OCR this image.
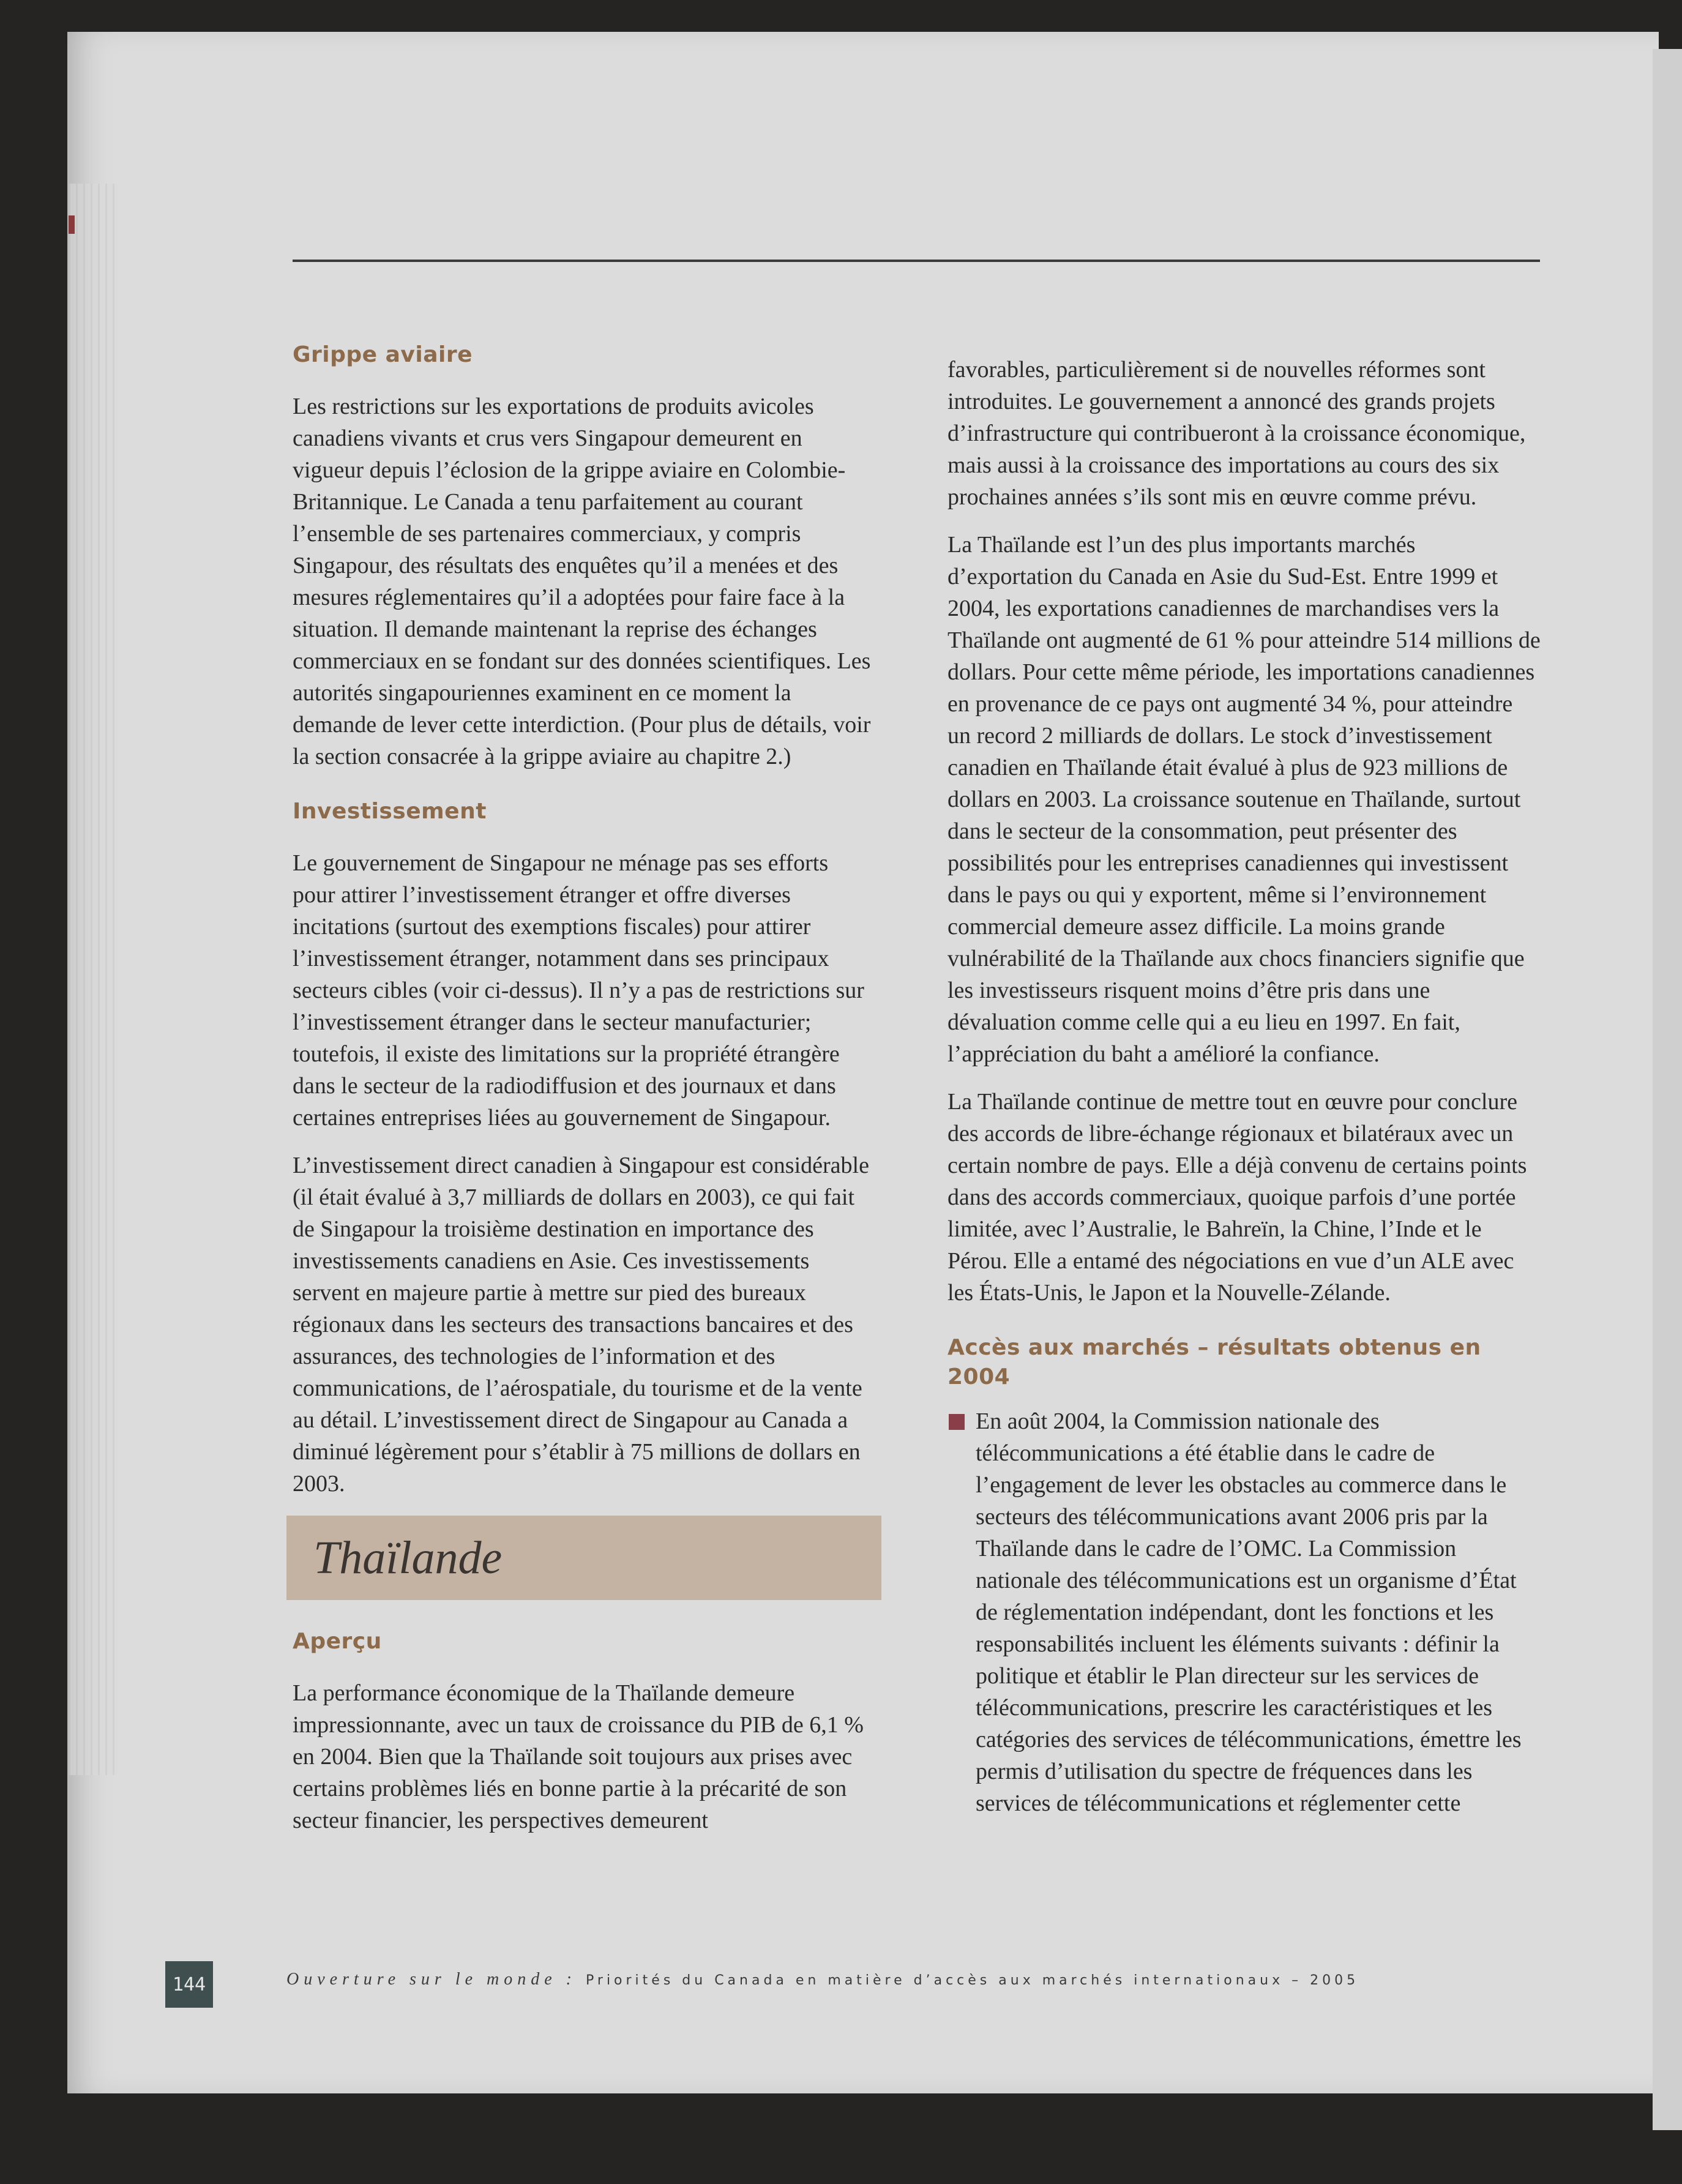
Grippe aviaire

Les restrictions sur les exportations de produits avicoles canadiens vivants et crus vers Singapour demeurent en vigueur depuis l’éclosion de la grippe aviaire en Colombie-Britannique. Le Canada a tenu parfaitement au courant l’ensemble de ses partenaires commerciaux, y compris Singapour, des résultats des enquêtes qu’il a menées et des mesures réglementaires qu’il a adoptées pour faire face à la situation. Il demande maintenant la reprise des échanges commerciaux en se fondant sur des données scientifiques. Les autorités singapouriennes examinent en ce moment la demande de lever cette interdiction. (Pour plus de détails, voir la section consacrée à la grippe aviaire au chapitre 2.)

Investissement

Le gouvernement de Singapour ne ménage pas ses efforts pour attirer l’investissement étranger et offre diverses incitations (surtout des exemptions fiscales) pour attirer l’investissement étranger, notamment dans ses principaux secteurs cibles (voir ci-dessus). Il n’y a pas de restrictions sur l’investissement étranger dans le secteur manufacturier; toutefois, il existe des limitations sur la propriété étrangère dans le secteur de la radiodiffusion et des journaux et dans certaines entreprises liées au gouvernement de Singapour.

L’investissement direct canadien à Singapour est considérable (il était évalué à 3,7 milliards de dollars en 2003), ce qui fait de Singapour la troisième destination en importance des investissements canadiens en Asie. Ces investissements servent en majeure partie à mettre sur pied des bureaux régionaux dans les secteurs des transactions bancaires et des assurances, des technologies de l’information et des communications, de l’aérospatiale, du tourisme et de la vente au détail. L’investissement direct de Singapour au Canada a diminué légèrement pour s’établir à 75 millions de dollars en 2003.

Thaïlande
Aperçu

La performance économique de la Thaïlande demeure impressionnante, avec un taux de croissance du PIB de 6,1 % en 2004. Bien que la Thaïlande soit toujours aux prises avec certains problèmes liés en bonne partie à la précarité de son secteur financier, les perspectives demeurent

favorables, particulièrement si de nouvelles réformes sont introduites. Le gouvernement a annoncé des grands projets d’infrastructure qui contribueront à la croissance économique, mais aussi à la croissance des importations au cours des six prochaines années s’ils sont mis en œuvre comme prévu.

La Thaïlande est l’un des plus importants marchés d’exportation du Canada en Asie du Sud-Est. Entre 1999 et 2004, les exportations canadiennes de marchandises vers la Thaïlande ont augmenté de 61 % pour atteindre 514 millions de dollars. Pour cette même période, les importations canadiennes en provenance de ce pays ont augmenté 34 %, pour atteindre un record 2 milliards de dollars. Le stock d’investissement canadien en Thaïlande était évalué à plus de 923 millions de dollars en 2003. La croissance soutenue en Thaïlande, surtout dans le secteur de la consommation, peut présenter des possibilités pour les entreprises canadiennes qui investissent dans le pays ou qui y exportent, même si l’environnement commercial demeure assez difficile. La moins grande vulnérabilité de la Thaïlande aux chocs financiers signifie que les investisseurs risquent moins d’être pris dans une dévaluation comme celle qui a eu lieu en 1997. En fait, l’appréciation du baht a amélioré la confiance.

La Thaïlande continue de mettre tout en œuvre pour conclure des accords de libre-échange régionaux et bilatéraux avec un certain nombre de pays. Elle a déjà convenu de certains points dans des accords commerciaux, quoique parfois d’une portée limitée, avec l’Australie, le Bahreïn, la Chine, l’Inde et le Pérou. Elle a entamé des négociations en vue d’un ALE avec les États-Unis, le Japon et la Nouvelle-Zélande.

Accès aux marchés – résultats obtenus en 2004
En août 2004, la Commission nationale des télécommunications a été établie dans le cadre de l’engagement de lever les obstacles au commerce dans le secteurs des télécommunications avant 2006 pris par la Thaïlande dans le cadre de l’OMC. La Commission nationale des télécommunications est un organisme d’État de réglementation indépendant, dont les fonctions et les responsabilités incluent les éléments suivants : définir la politique et établir le Plan directeur sur les services de télécommunications, prescrire les caractéristiques et les catégories des services de télécommunications, émettre les permis d’utilisation du spectre de fréquences dans les services de télécommunications et réglementer cette
144	Ouverture sur le monde : Priorités du Canada en matière d’accès aux marchés internationaux – 2005
